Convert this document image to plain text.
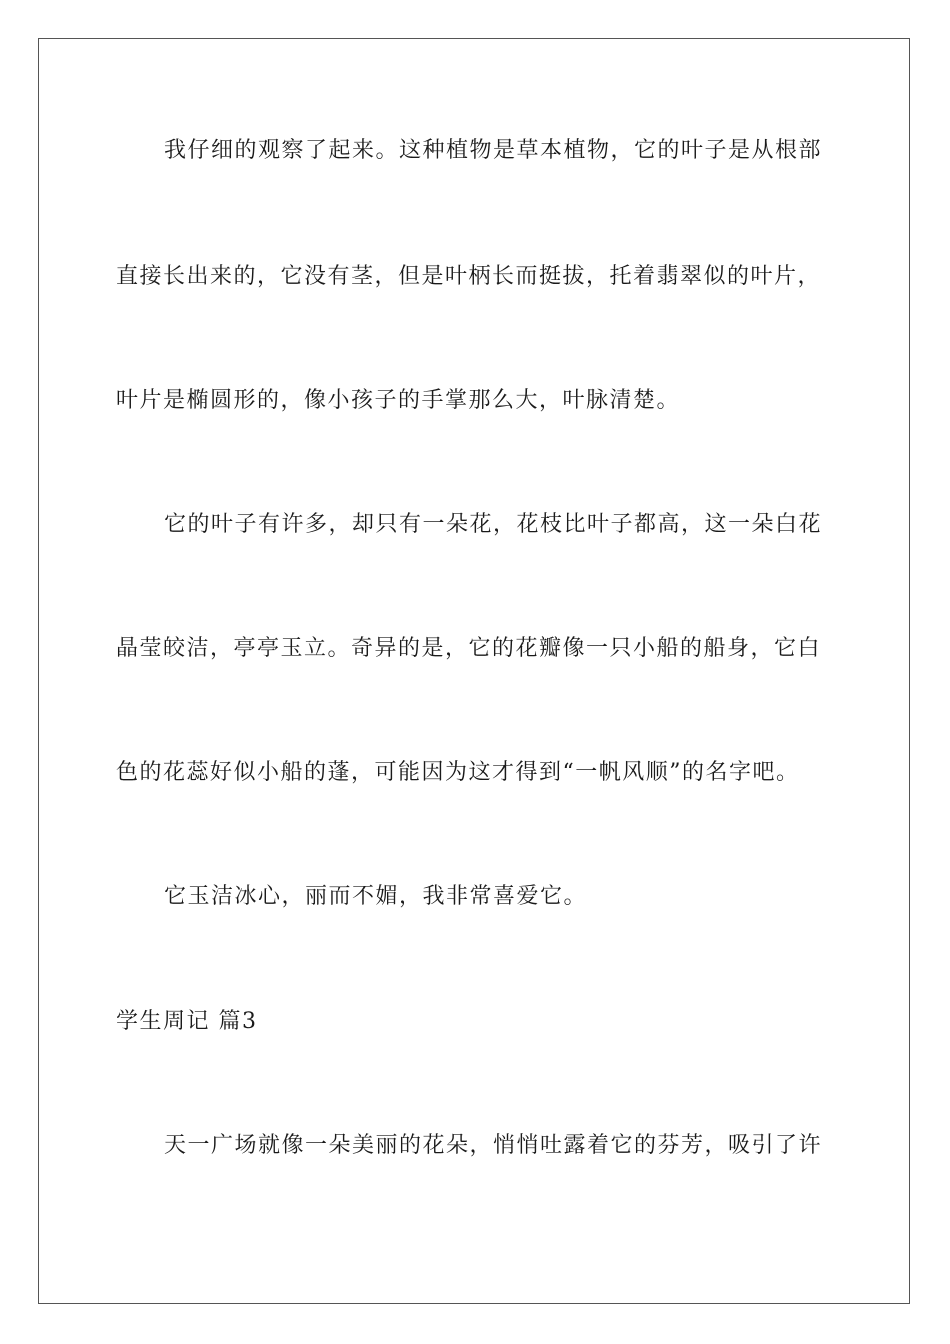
我仔细的观察了起来。这种植物是草本植物，它的叶子是从根部
直接长出来的，它没有茎，但是叶柄长而挺拔，托着翡翠似的叶片，
叶片是椭圆形的，像小孩子的手掌那么大，叶脉清楚。
它的叶子有许多，却只有一朵花，花枝比叶子都高，这一朵白花
晶莹皎洁，亭亭玉立。奇异的是，它的花瓣像一只小船的船身，它白
色的花蕊好似小船的蓬，可能因为这才得到“一帆风顺”的名字吧。
它玉洁冰心，丽而不媚，我非常喜爱它。
学生周记 篇3
天一广场就像一朵美丽的花朵，悄悄吐露着它的芬芳，吸引了许
